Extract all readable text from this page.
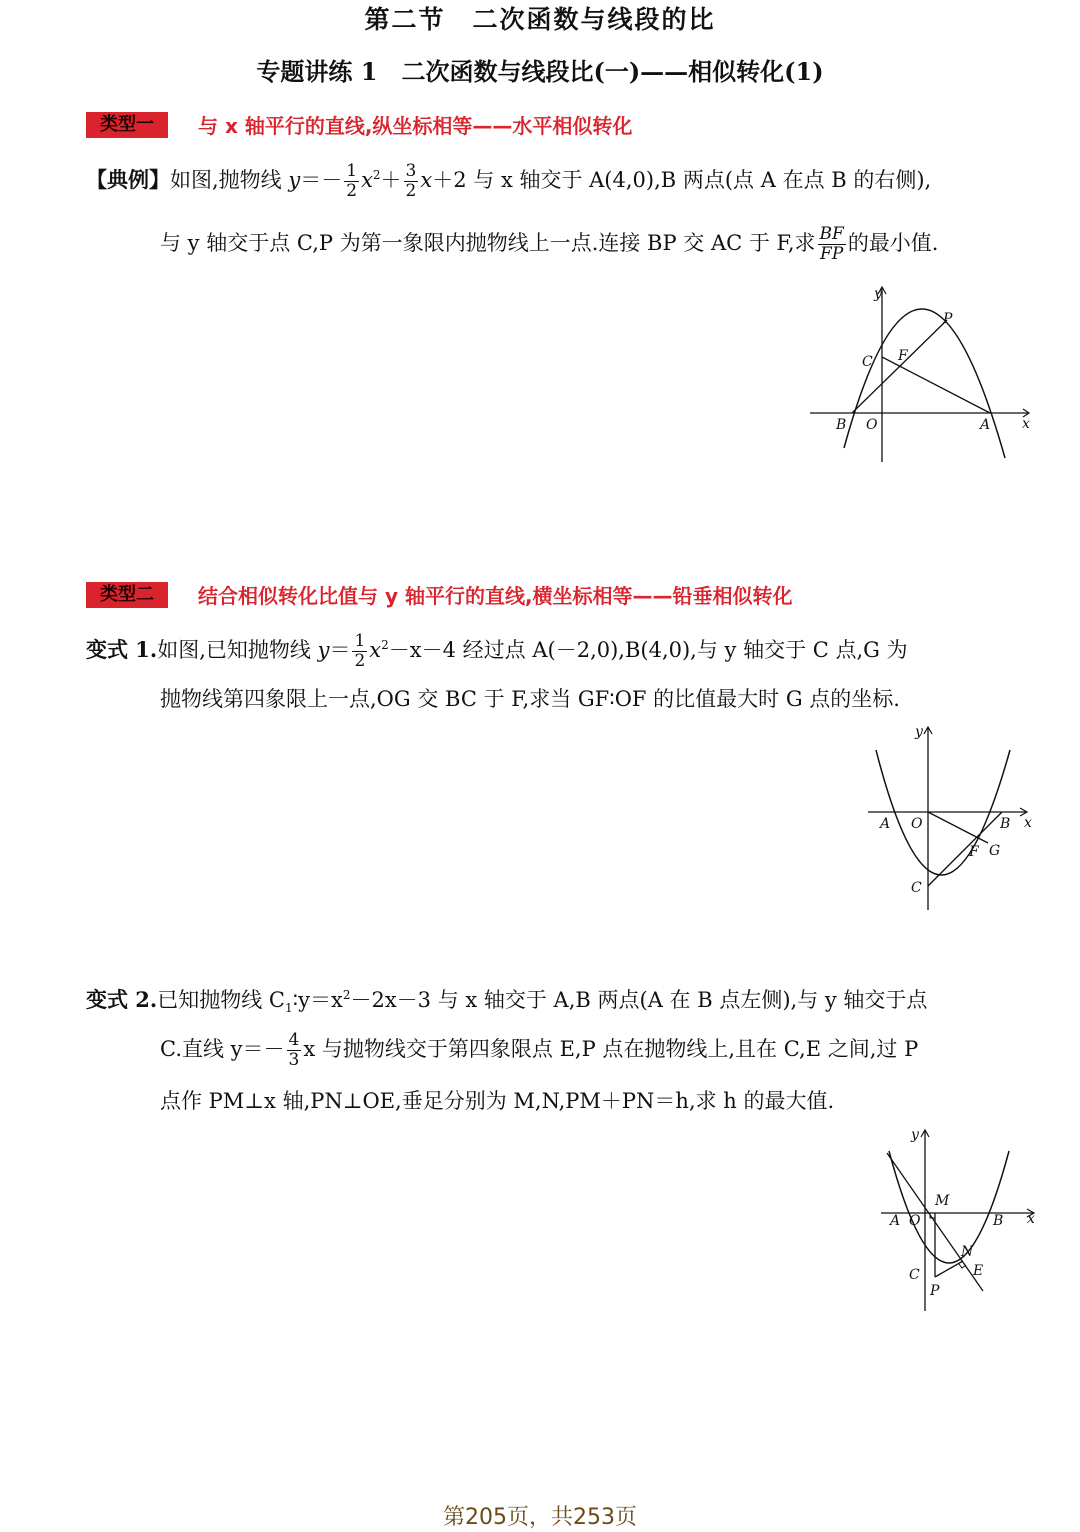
第二节　二次函数与线段的比
专题讲练 1　二次函数与线段比(一)——相似转化(1)
类型一	与 x 轴平行的直线,纵坐标相等——水平相似转化
【典例】如图,抛物线 $y=- \frac{1}{2} x^2+ \frac{3}{2} x+2$ 与 x 轴交于 A(4,0),B 两点(点 A 在点 B 的右侧),
与 y 轴交于点 C,P 为第一象限内抛物线上一点.连接 BP 交 AC 于 F,求 $\frac{BF}{FP}$ 的最小值.
y
x
P
C F
B O	A
类型二	结合相似转化比值与 y 轴平行的直线,横坐标相等——铅垂相似转化
变式 1.如图,已知抛物线 $y= \frac{1}{2} x^2-x-4$ 经过点 A(－2,0),B(4,0),与 y 轴交于 C 点,G 为
抛物线第四象限上一点,OG 交 BC 于 F,求当 GF∶OF 的比值最大时 G 点的坐标.
y
x
A O	B
F G
C
变式 2.已知抛物线 $C_1∶y=x^2-2x-3$ 与 x 轴交于 A,B 两点(A 在 B 点左侧),与 y 轴交于点
C.直线 $y=- \frac{4}{3}$ x 与抛物线交于第四象限点 E,P 点在抛物线上,且在 C,E 之间,过 P
点作 PM⊥x 轴,PN⊥OE,垂足分别为 M,N,PM＋PN＝h,求 h 的最大值.
y
x
A O
M
B
N
E
C
P
第205页，共253页
